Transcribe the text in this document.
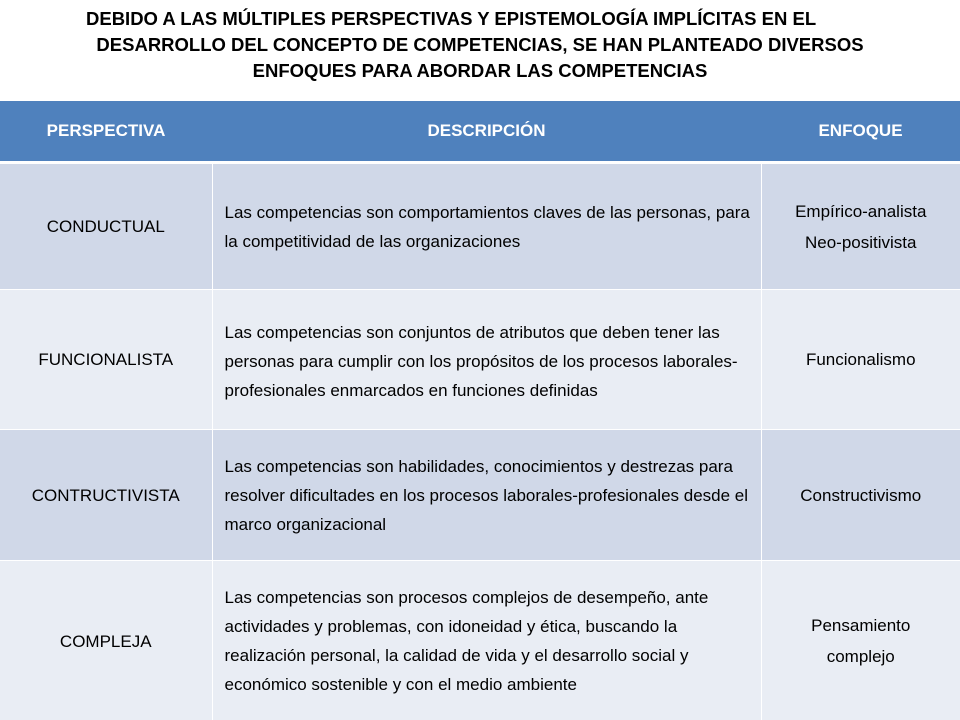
DEBIDO A LAS MÚLTIPLES PERSPECTIVAS Y EPISTEMOLOGÍA IMPLÍCITAS EN EL
DESARROLLO DEL CONCEPTO DE COMPETENCIAS, SE HAN PLANTEADO DIVERSOS
ENFOQUES PARA ABORDAR LAS COMPETENCIAS
PERSPECTIVA	DESCRIPCIÓN	ENFOQUE
CONDUCTUAL	Las competencias son comportamientos claves de las personas, para la competitividad de las organizaciones	Empírico-analista
Neo-positivista
FUNCIONALISTA	Las competencias son conjuntos de atributos que deben tener las personas para cumplir con los propósitos de los procesos laborales-profesionales enmarcados en funciones definidas	Funcionalismo
CONTRUCTIVISTA	Las competencias son habilidades, conocimientos y destrezas para resolver dificultades en los procesos laborales-profesionales desde el marco organizacional	Constructivismo
COMPLEJA	Las competencias son procesos complejos de desempeño, ante actividades y problemas, con idoneidad y ética, buscando la realización personal, la calidad de vida y el desarrollo social y económico sostenible y con el medio ambiente	Pensamiento
complejo
